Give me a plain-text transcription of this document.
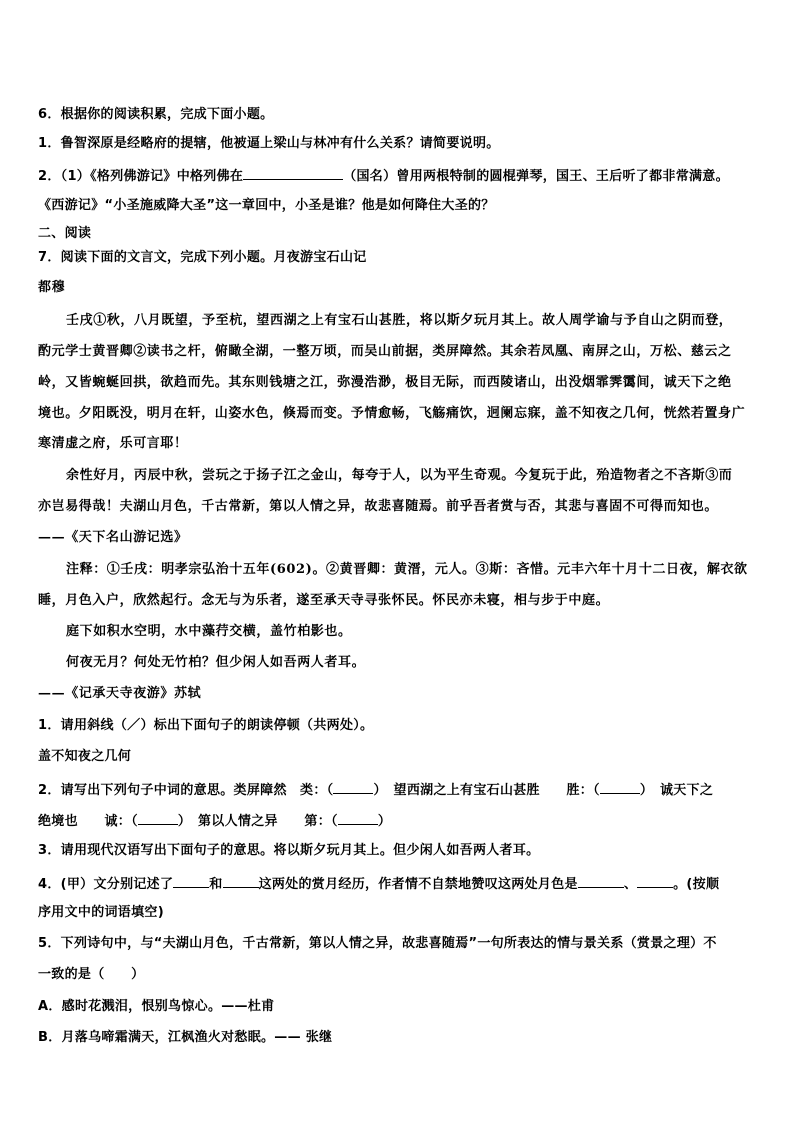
6．根据你的阅读积累，完成下面小题。
1．鲁智深原是经略府的提辖，他被逼上梁山与林冲有什么关系？请简要说明。
2．（1）《格列佛游记》中格列佛在	（国名）曾用两根特制的圆棍弹琴，国王、王后听了都非常满意。
《西游记》“小圣施威降大圣”这一章回中，小圣是谁？他是如何降住大圣的？
二、阅读
7．阅读下面的文言文，完成下列小题。月夜游宝石山记
都穆
壬戌①秋，八月既望，予至杭，望西湖之上有宝石山甚胜，将以斯夕玩月其上。故人周学谕与予自山之阴而登，
酌元学士黄晋卿②读书之杆，俯瞰全湖，一整万顷，而吴山前据，类屏障然。其余若凤凰、南屏之山，万松、慈云之
岭，又皆蜿蜒回拱，欲趋而先。其东则钱塘之江，弥漫浩渺，极目无际，而西陵诸山，出没烟霏霁霭间，诚天下之绝
境也。夕阳既没，明月在轩，山姿水色，倏焉而变。予情愈畅，飞觞痛饮，迥阑忘寐，盖不知夜之几何，恍然若置身广
寒清虚之府，乐可言耶！
余性好月，丙辰中秋，尝玩之于扬子江之金山，每夸于人，以为平生奇观。今复玩于此，殆造物者之不吝斯③而
亦岂易得哉！夫湖山月色，千古常新，第以人情之异，故悲喜随焉。前乎吾者赏与否，其悲与喜固不可得而知也。
——《天下名山游记选》
注释：①壬戌：明孝宗弘治十五年(602)。②黄晋卿：黄溍，元人。③斯：吝惜。元丰六年十月十二日夜，解衣欲
睡，月色入户，欣然起行。念无与为乐者，遂至承天寺寻张怀民。怀民亦未寝，相与步于中庭。
庭下如积水空明，水中藻荇交横，盖竹柏影也。
何夜无月？何处无竹柏？但少闲人如吾两人者耳。
——《记承天寺夜游》苏轼
1．请用斜线（／）标出下面句子的朗读停顿（共两处）。
盖不知夜之几何
2．请写出下列句子中词的意思。类屏障然　类：（	）　望西湖之上有宝石山甚胜　　胜：（	）　诚天下之
绝境也　　诚：（	）　第以人情之异　　第：（	）
3．请用现代汉语写出下面句子的意思。将以斯夕玩月其上。但少闲人如吾两人者耳。
4．(甲）文分别记述了	和	这两处的赏月经历，作者情不自禁地赞叹这两处月色是	、	。(按顺
序用文中的词语填空)
5．下列诗句中，与“夫湖山月色，千古常新，第以人情之异，故悲喜随焉”一句所表达的情与景关系（赏景之理）不
一致的是（　　）
A．感时花溅泪，恨别鸟惊心。——杜甫
B．月落乌啼霜满天，江枫渔火对愁眠。—— 张继
